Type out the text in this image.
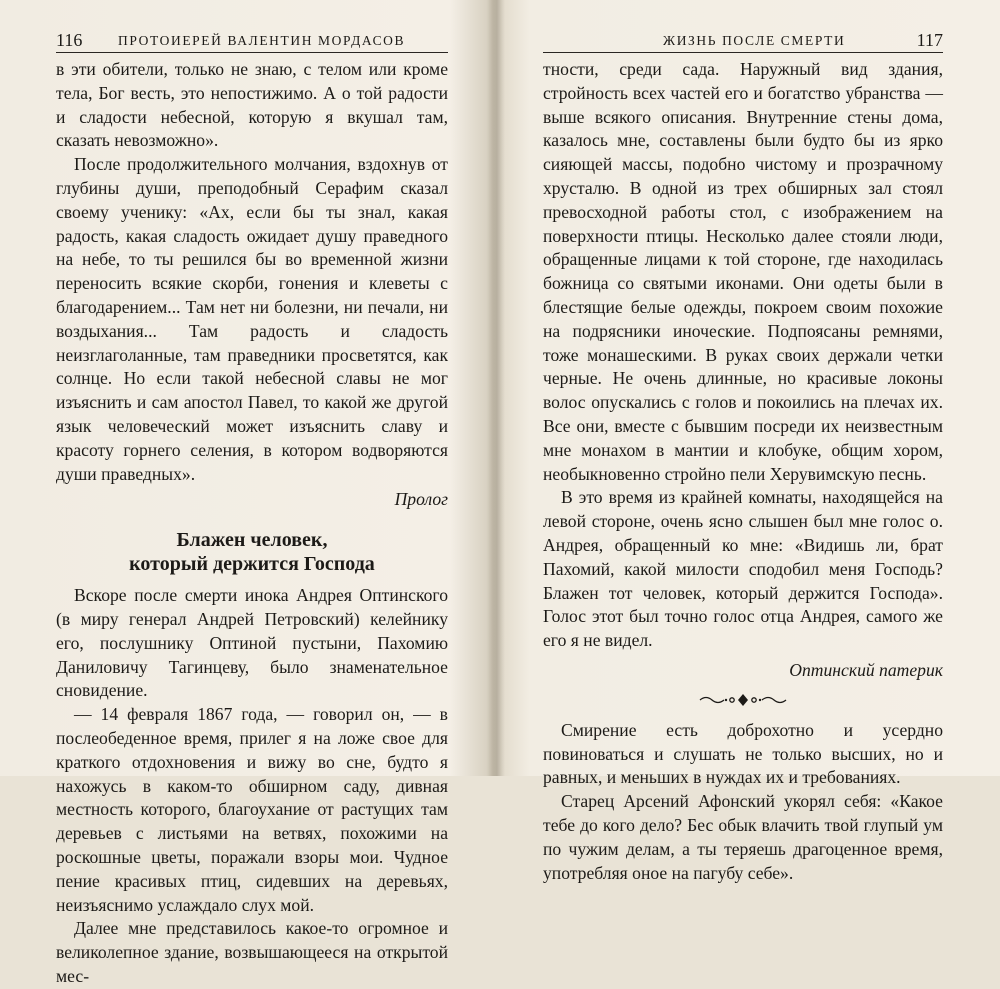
116	ПРОТОИЕРЕЙ ВАЛЕНТИН МОРДАСОВ

в эти обители, только не знаю, с телом или кроме тела, Бог весть, это непостижимо. А о той радости и сладости небесной, которую я вкушал там, сказать невозможно».

После продолжительного молчания, вздохнув от глубины души, преподобный Серафим сказал своему ученику: «Ах, если бы ты знал, какая радость, какая сладость ожидает душу праведного на небе, то ты решился бы во временной жизни переносить всякие скорби, гонения и клеветы с благодарением... Там нет ни болезни, ни печали, ни воздыхания... Там радость и сладость неизглаголанные, там праведники просветятся, как солнце. Но если такой небесной славы не мог изъяснить и сам апостол Павел, то какой же другой язык человеческий может изъяснить славу и красоту горнего селения, в котором водворяются души праведных».

Пролог

Блажен человек,
который держится Господа

Вскоре после смерти инока Андрея Оптинского (в миру генерал Андрей Петровский) келейнику его, послушнику Оптиной пустыни, Пахомию Даниловичу Тагинцеву, было знаменательное сновидение.

— 14 февраля 1867 года, — говорил он, — в послеобеденное время, прилег я на ложе свое для краткого отдохновения и вижу во сне, будто я нахожусь в каком-то обширном саду, дивная местность которого, благоухание от растущих там деревьев с листьями на ветвях, похожими на роскошные цветы, поражали взоры мои. Чудное пение красивых птиц, сидевших на деревьях, неизъяснимо услаждало слух мой.

Далее мне представилось какое-то огромное и великолепное здание, возвышающееся на открытой мес-

ЖИЗНЬ ПОСЛЕ СМЕРТИ	117

тности, среди сада. Наружный вид здания, стройность всех частей его и богатство убранства — выше всякого описания. Внутренние стены дома, казалось мне, составлены были будто бы из ярко сияющей массы, подобно чистому и прозрачному хрусталю. В одной из трех обширных зал стоял превосходной работы стол, с изображением на поверхности птицы. Несколько далее стояли люди, обращенные лицами к той стороне, где находилась божница со святыми иконами. Они одеты были в блестящие белые одежды, покроем своим похожие на подрясники иноческие. Подпоясаны ремнями, тоже монашескими. В руках своих держали четки черные. Не очень длинные, но красивые локоны волос опускались с голов и покоились на плечах их. Все они, вместе с бывшим посреди их неизвестным мне монахом в мантии и клобуке, общим хором, необыкновенно стройно пели Херувимскую песнь.

В это время из крайней комнаты, находящейся на левой стороне, очень ясно слышен был мне голос о. Андрея, обращенный ко мне: «Видишь ли, брат Пахомий, какой милости сподобил меня Господь? Блажен тот человек, который держится Господа». Голос этот был точно голос отца Андрея, самого же его я не видел.

Оптинский патерик

Смирение есть доброхотно и усердно повиноваться и слушать не только высших, но и равных, и меньших в нуждах их и требованиях.

Старец Арсений Афонский укорял себя: «Какое тебе до кого дело? Бес обык влачить твой глупый ум по чужим делам, а ты теряешь драгоценное время, употребляя оное на пагубу себе».
